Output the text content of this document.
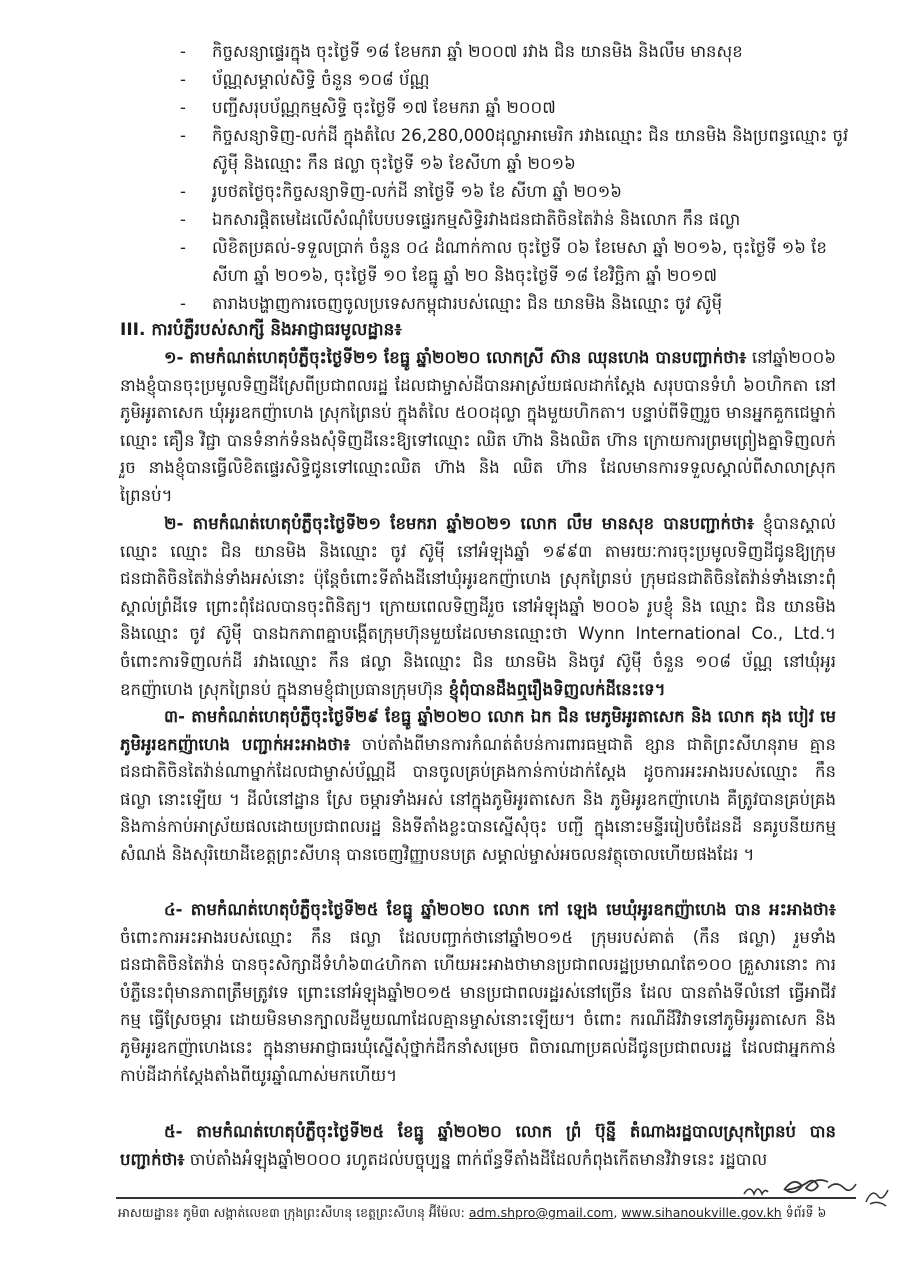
- កិច្ចសន្យាផ្ទេរក្នុង ចុះថ្ងៃទី ១៨ ខែមករា ឆ្នាំ ២០០៧ រវាង ជិន យានមិង និងលឹម មានសុខ
- ប័ណ្ណសម្គាល់សិទ្ធិ ចំនួន ១០៨ ប័ណ្ណ
- បញ្ជីសរុបប័ណ្ណកម្មសិទ្ធិ ចុះថ្ងៃទី ១៧ ខែមករា ឆ្នាំ ២០០៧
- កិច្ចសន្យាទិញ-លក់ដី ក្នុងតំលៃ 26,280,000ដុល្លាអាមេរិក រវាងឈ្មោះ ជិន យានមិង និងប្រពន្ធឈ្មោះ ចូវ ស៊ូមុី និងឈ្មោះ កឹន ផល្លា ចុះថ្ងៃទី ១៦ ខែសីហា ឆ្នាំ ២០១៦
- រូបថតថ្ងៃចុះកិច្ចសន្យាទិញ-លក់ដី នាថ្ងៃទី ១៦ ខែ សីហា ឆ្នាំ ២០១៦
- ឯកសារផ្តិតមេដៃលើសំណុំបែបបទផ្ទេរកម្មសិទ្ធិរវាងជនជាតិចិនតៃវ៉ាន់ និងលោក កឹន ផល្លា
- លិខិតប្រគល់-ទទួលប្រាក់ ចំនួន ០៤ ដំណាក់កាល ចុះថ្ងៃទី ០៦ ខែមេសា ឆ្នាំ ២០១៦, ចុះថ្ងៃទី ១៦ ខែសីហា ឆ្នាំ ២០១៦, ចុះថ្ងៃទី ១០ ខែធ្នូ ឆ្នាំ ២០ និងចុះថ្ងៃទី ១៨ ខែវិច្ឆិកា ឆ្នាំ ២០១៧
- តារាងបង្ហាញការចេញចូលប្រទេសកម្ពុជារបស់ឈ្មោះ ជិន យានមិង និងឈ្មោះ ចូវ ស៊ូមុី
III. ការបំភ្លឺរបស់សាក្សី និងអាជ្ញាធរមូលដ្ឋាន៖
១- តាមកំណត់ហេតុបំភ្លឺចុះថ្ងៃទី២១ ខែធ្នូ ឆ្នាំ២០២០ លោកស្រី ស៊ាន ឈុនហេង បានបញ្ជាក់ថា៖ នៅឆ្នាំ២០០៦ នាងខ្ញុំបានចុះប្រមូលទិញដីស្រែពីប្រជាពលរដ្ឋ ដែលជាម្ចាស់ដីបានអាស្រ័យផលដាក់ស្តែង សរុបបានទំហំ ៦០ហិកតា នៅភូមិអូរតាសេក ឃុំអូរឧកញ៉ាហេង ស្រុកព្រៃនប់ ក្នុងតំលៃ ៥០០ដុល្លា ក្នុងមួយហិកតា។ បន្ទាប់ពីទិញរួច មានអ្នកគួកជេម្នាក់ឈ្មោះ គឿន វិជ្ជា បានទំនាក់ទំនងសុំទិញដីនេះឱ្យទៅឈ្មោះ ឈិត ហ៊ាង និងឈិត ហ៊ាន ក្រោយការព្រមព្រៀងគ្នាទិញលក់រួច នាងខ្ញុំបានធ្វើលិខិតផ្ទេរសិទ្ធិជូនទៅឈ្មោះឈិត ហ៊ាង និង ឈិត ហ៊ាន ដែលមានការទទួលស្គាល់ពីសាលាស្រុកព្រៃនប់។
២- តាមកំណត់ហេតុបំភ្លឺចុះថ្ងៃទី២១ ខែមករា ឆ្នាំ២០២១ លោក លឹម មានសុខ បានបញ្ជាក់ថា៖ ខ្ញុំបានស្គាល់ឈ្មោះ ឈ្មោះ ជិន យានមិង និងឈ្មោះ ចូវ ស៊ូមុី នៅអំឡុងឆ្នាំ ១៩៩៣ តាមរយៈការចុះប្រមូលទិញដីជូនឱ្យក្រុមជនជាតិចិនតៃវ៉ាន់ទាំងអស់នោះ ប៉ុន្តែចំពោះទីតាំងដីនៅឃុំអូរឧកញ៉ាហេង ស្រុកព្រៃនប់ ក្រុមជនជាតិចិនតៃវ៉ាន់ទាំងនោះពុំស្គាល់ព្រំដីទេ ព្រោះពុំដែលបានចុះពិនិត្យ។ ក្រោយពេលទិញដីរួច នៅអំឡុងឆ្នាំ ២០០៦ រូបខ្ញុំ និង ឈ្មោះ ជិន យានមិង និងឈ្មោះ ចូវ ស៊ូមុី បានឯកភាពគ្នាបង្កើតក្រុមហ៊ុនមួយដែលមានឈ្មោះថា Wynn International Co., Ltd.។ ចំពោះការទិញលក់ដី រវាងឈ្មោះ កឹន ផល្លា និងឈ្មោះ ជិន យានមិង និងចូវ ស៊ូមុី ចំនួន ១០៨ ប័ណ្ណ នៅឃុំអូរឧកញ៉ាហេង ស្រុកព្រៃនប់ ក្នុងនាមខ្ញុំជាប្រធានក្រុមហ៊ុន ខ្ញុំពុំបានដឹងឮរឿងទិញលក់ដីនេះទេ។
៣- តាមកំណត់ហេតុបំភ្លឺចុះថ្ងៃទី២៩ ខែធ្នូ ឆ្នាំ២០២០ លោក ឯក ជិន មេភូមិអូរតាសេក និង លោក តុង បៀវ មេភូមិអូរឧកញ៉ាហេង បញ្ជាក់អះអាងថា៖ ចាប់តាំងពីមានការកំណត់តំបន់ការពារធម្មជាតិ ខ្សាន ជាតិព្រះសីហនុរាម គ្មានជនជាតិចិនតៃវ៉ាន់ណាម្នាក់ដែលជាម្ចាស់ប័ណ្ណដី បានចូលគ្រប់គ្រងកាន់កាប់ដាក់ស្តែង ដូចការអះអាងរបស់ឈ្មោះ កឹន ផល្លា នោះឡើយ ។ ដីលំនៅដ្ឋាន ស្រែ ចម្ការទាំងអស់ នៅក្នុងភូមិអូរតាសេក និង ភូមិអូរឧកញ៉ាហេង គឺត្រូវបានគ្រប់គ្រង និងកាន់កាប់អាស្រ័យផលដោយប្រជាពលរដ្ឋ និងទីតាំងខ្លះបានស្នើសុំចុះ បញ្ជី ក្នុងនោះមន្ទីររៀបចំដែនដី នគរូបនីយកម្ម សំណង់ និងសុរិយោដីខេត្តព្រះសីហនុ បានចេញវិញ្ញាបនបត្រ សម្គាល់ម្ចាស់អចលនវត្ថុចោលហើយផងដែរ ។
៤- តាមកំណត់ហេតុបំភ្លឺចុះថ្ងៃទី២៥ ខែធ្នូ ឆ្នាំ២០២០ លោក កៅ ឡេង មេឃុំអូរឧកញ៉ាហេង បាន អះអាងថា៖ ចំពោះការអះអាងរបស់ឈ្មោះ កឹន ផល្លា ដែលបញ្ជាក់ថានៅឆ្នាំ២០១៥ ក្រុមរបស់គាត់ (កឹន ផល្លា) រួមទាំងជនជាតិចិនតៃវ៉ាន់ បានចុះសិក្សាដីទំហំ៦៣៤ហិកតា ហើយអះអាងថាមានប្រជាពលរដ្ឋប្រមាណតែ១០០ គ្រួសារនោះ ការបំភ្លឺនេះពុំមានភាពត្រឹមត្រូវទេ ព្រោះនៅអំឡុងឆ្នាំ២០១៥ មានប្រជាពលរដ្ឋរស់នៅច្រើន ដែល បានតាំងទីលំនៅ ធ្វើអាជីវកម្ម ធ្វើស្រែចម្ការ ដោយមិនមានក្បាលដីមួយណាដែលគ្មានម្ចាស់នោះឡើយ។ ចំពោះ ករណីដីវិវាទនៅភូមិអូរតាសេក និងភូមិអូរឧកញ៉ាហេងនេះ ក្នុងនាមអាជ្ញាធរឃុំស្នើសុំថ្នាក់ដឹកនាំសម្រេច ពិចារណាប្រគល់ដីជូនប្រជាពលរដ្ឋ ដែលជាអ្នកកាន់កាប់ដីដាក់ស្តែងតាំងពីយូរឆ្នាំណាស់មកហើយ។
៥- តាមកំណត់ហេតុបំភ្លឺចុះថ្ងៃទី២៥ ខែធ្នូ ឆ្នាំ២០២០ លោក ព្រំ ប៊ុន្នី តំណាងរដ្ឋបាលស្រុកព្រៃនប់ បាន បញ្ជាក់ថា៖ ចាប់តាំងអំឡុងឆ្នាំ២០០០ រហូតដល់បច្ចុប្បន្ន ពាក់ព័ន្ធទីតាំងដីដែលកំពុងកើតមានវិវាទនេះ រដ្ឋបាល
អាសយដ្ឋាន៖ ភូមិ៣ សង្កាត់លេខ៣ ក្រុងព្រះសីហនុ ខេត្តព្រះសីហនុ អ៊ីម៉ែល: adm.shpro@gmail.com, www.sihanoukville.gov.kh ទំព័រទី ៦
